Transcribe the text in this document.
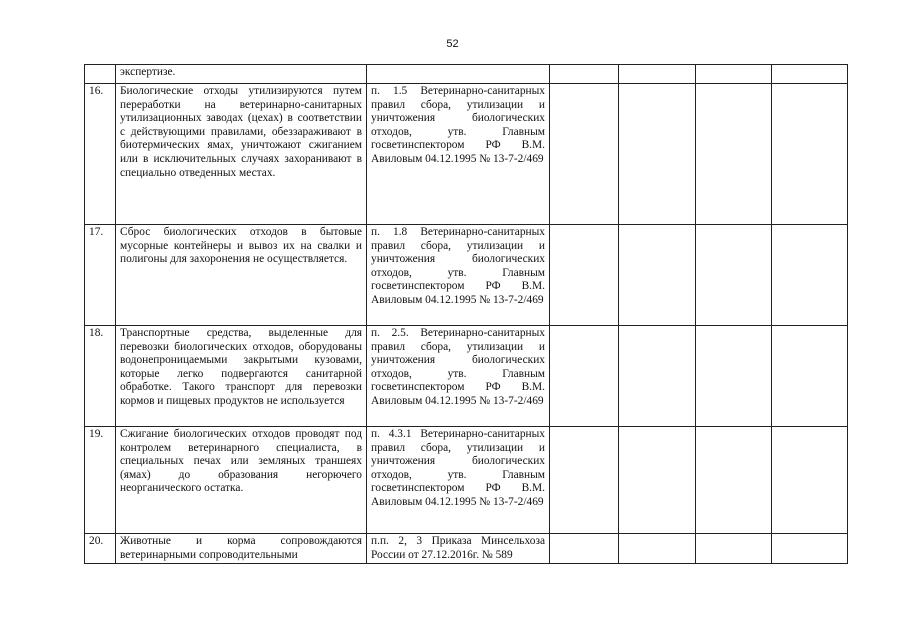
52

	экспертизе.					

16.	Биологические отходы утилизируются путем переработки на ветеринарно-санитарных утилизационных заводах (цехах) в соответствии с действующими правилами, обеззараживают в биотермических ямах, уничтожают сжиганием или в исключительных случаях захоранивают в специально отведенных местах.	п. 1.5 Ветеринарно-санитарных правил сбора, утилизации и уничтожения биологических отходов, утв. Главным госветинспектором РФ В.М. Авиловым 04.12.1995 № 13-7-2/469				
17.	Сброс биологических отходов в бытовые мусорные контейнеры и вывоз их на свалки и полигоны для захоронения не осуществляется.	п. 1.8 Ветеринарно-санитарных правил сбора, утилизации и уничтожения биологических отходов, утв. Главным госветинспектором РФ В.М. Авиловым 04.12.1995 № 13-7-2/469				
18.	Транспортные средства, выделенные для перевозки биологических отходов, оборудованы водонепроницаемыми закрытыми кузовами, которые легко подвергаются санитарной обработке. Такого транспорт для перевозки кормов и пищевых продуктов не используется	п. 2.5. Ветеринарно-санитарных правил сбора, утилизации и уничтожения биологических отходов, утв. Главным госветинспектором РФ В.М. Авиловым 04.12.1995 № 13-7-2/469				
19.	Сжигание биологических отходов проводят под контролем ветеринарного специалиста, в специальных печах или земляных траншеях (ямах) до образования негорючего неорганического остатка.	п. 4.3.1 Ветеринарно-санитарных правил сбора, утилизации и уничтожения биологических отходов, утв. Главным госветинспектором РФ В.М. Авиловым 04.12.1995 № 13-7-2/469				
20.	Животные и корма сопровождаются ветеринарными сопроводительными	п.п. 2, 3 Приказа Минсельхоза России от 27.12.2016г. № 589				
